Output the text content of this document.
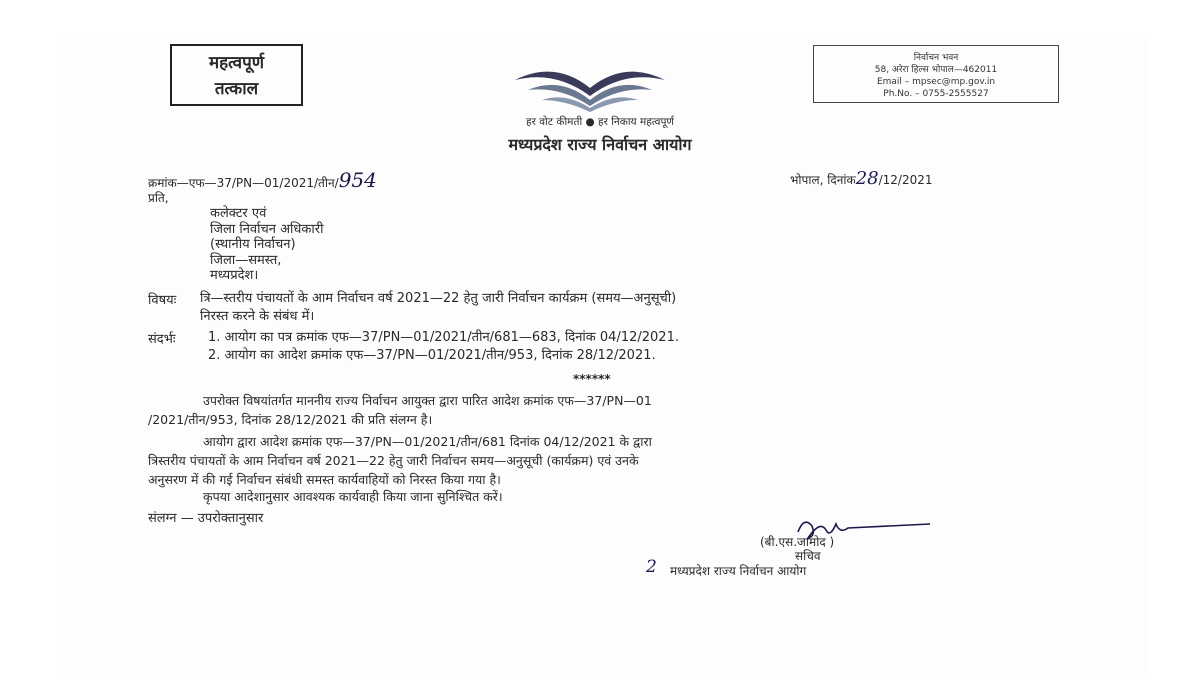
महत्वपूर्ण
तत्काल
निर्वाचन भवन
58, अरेरा हिल्स भोपाल—462011
Email – mpsec@mp.gov.in
Ph.No. – 0755-2555527
हर वोट कीमती ● हर निकाय महत्वपूर्ण
मध्यप्रदेश राज्य निर्वाचन आयोग
क्रमांक—एफ—37/PN—01/2021/तीन/954	भोपाल, दिनांक28/12/2021
प्रति,
कलेक्टर एवं
जिला निर्वाचन अधिकारी
(स्थानीय निर्वाचन)
जिला—समस्त,
मध्यप्रदेश।
विषयः त्रि—स्तरीय पंचायतों के आम निर्वाचन वर्ष 2021—22 हेतु जारी निर्वाचन कार्यक्रम (समय—अनुसूची)
निरस्त करने के संबंध में।
संदर्भः	1. आयोग का पत्र क्रमांक एफ—37/PN—01/2021/तीन/681—683, दिनांक 04/12/2021.
2. आयोग का आदेश क्रमांक एफ—37/PN—01/2021/तीन/953, दिनांक 28/12/2021.
******
उपरोक्त विषयांतर्गत माननीय राज्य निर्वाचन आयुक्त द्वारा पारित आदेश क्रमांक एफ—37/PN—01
/2021/तीन/953, दिनांक 28/12/2021 की प्रति संलग्न है।
आयोग द्वारा आदेश क्रमांक एफ—37/PN—01/2021/तीन/681 दिनांक 04/12/2021 के द्वारा
त्रिस्तरीय पंचायतों के आम निर्वाचन वर्ष 2021—22 हेतु जारी निर्वाचन समय—अनुसूची (कार्यक्रम) एवं उनके
अनुसरण में की गई निर्वाचन संबंधी समस्त कार्यवाहियों को निरस्त किया गया है।
कृपया आदेशानुसार आवश्यक कार्यवाही किया जाना सुनिश्चित करें।
संलग्न — उपरोक्तानुसार
(बी.एस.जामोद )
सचिव
2 मध्यप्रदेश राज्य निर्वाचन आयोग
